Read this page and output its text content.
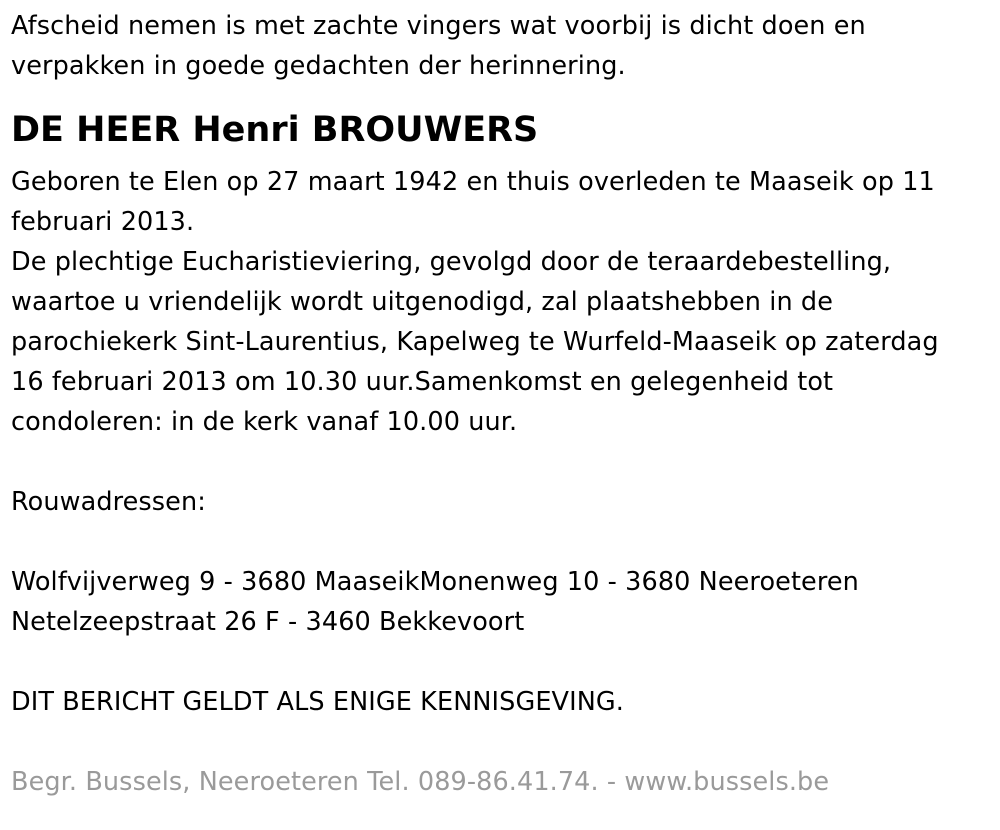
Afscheid nemen is met zachte vingers wat voorbij is dicht doen en
verpakken in goede gedachten der herinnering.
DE HEER Henri BROUWERS
Geboren te Elen op 27 maart 1942 en thuis overleden te Maaseik op 11
februari 2013.
De plechtige Eucharistieviering, gevolgd door de teraardebestelling,
waartoe u vriendelijk wordt uitgenodigd, zal plaatshebben in de
parochiekerk Sint-Laurentius, Kapelweg te Wurfeld-Maaseik op zaterdag
16 februari 2013 om 10.30 uur.Samenkomst en gelegenheid tot
condoleren: in de kerk vanaf 10.00 uur.
Rouwadressen:
Wolfvijverweg 9 - 3680 MaaseikMonenweg 10 - 3680 Neeroeteren
Netelzeepstraat 26 F - 3460 Bekkevoort
DIT BERICHT GELDT ALS ENIGE KENNISGEVING.
Begr. Bussels, Neeroeteren Tel. 089-86.41.74. - www.bussels.be
